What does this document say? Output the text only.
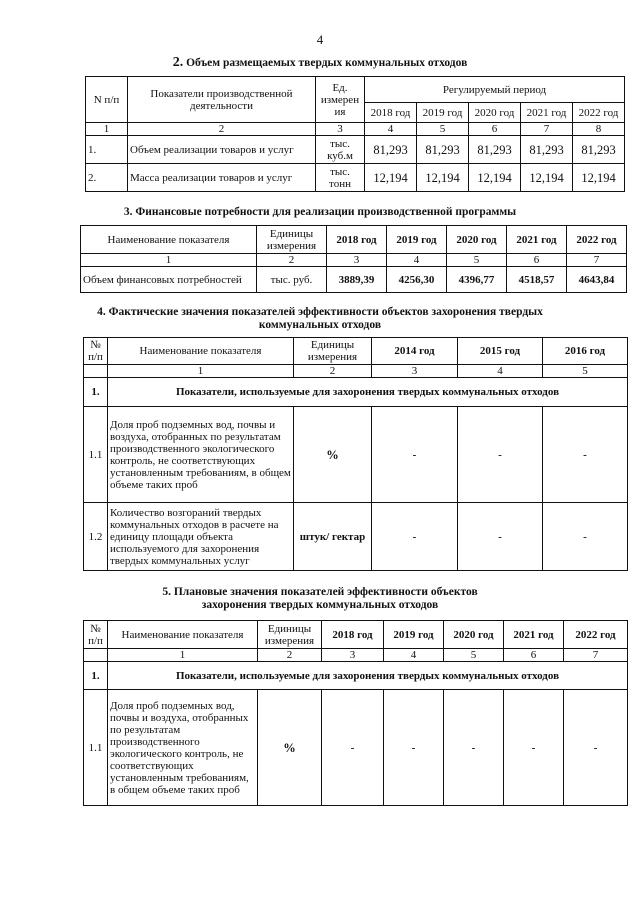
4
2. Объем размещаемых твердых коммунальных отходов
N п/п	Показатели производственной деятельности	Ед. измерен ия	Регулируемый период				
			2018 год	2019 год	2020 год	2021 год	2022 год
1	2	3	4	5	6	7	8
1.	Объем реализации товаров и услуг	тыс. куб.м	81,293	81,293	81,293	81,293	81,293
2.	Масса реализации товаров и услуг	тыс. тонн	12,194	12,194	12,194	12,194	12,194
3. Финансовые потребности для реализации производственной программы
Наименование показателя	Единицы измерения	2018 год	2019 год	2020 год	2021 год	2022 год
1	2	3	4	5	6	7
Объем финансовых потребностей	тыс. руб.	3889,39	4256,30	4396,77	4518,57	4643,84
4. Фактические значения показателей эффективности объектов захоронения твердых
коммунальных отходов
№ п/п	Наименование показателя	Единицы измерения	2014 год	2015 год	2016 год
	1	2	3	4	5
1.	Показатели, используемые для захоронения твердых коммунальных отходов				
1.1	Доля проб подземных вод, почвы и воздуха, отобранных по результатам производственного экологического контроль, не соответствующих установленным требованиям, в общем объеме таких проб	%	-	-	-
1.2	Количество возгораний твердых коммунальных отходов в расчете на единицу площади объекта используемого для захоронения твердых коммунальных услуг	штук/ гектар	-	-	-
5. Плановые значения показателей эффективности объектов
захоронения твердых коммунальных отходов
№ п/п	Наименование показателя	Единицы измерения	2018 год	2019 год	2020 год	2021 год	2022 год
	1	2	3	4	5	6	7
1.	Показатели, используемые для захоронения твердых коммунальных отходов						
1.1	Доля проб подземных вод, почвы и воздуха, отобранных по результатам производственного экологического контроль, не соответствующих установленным требованиям, в общем объеме таких проб	%	-	-	-	-	-
